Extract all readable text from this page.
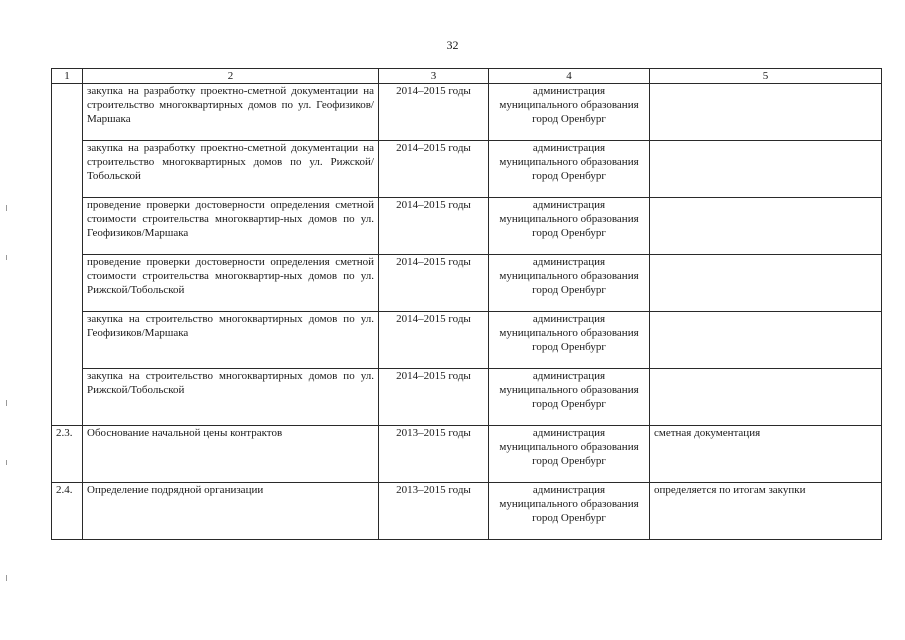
32
1	2	3	4	5
	закупка на разработку проектно-сметной документации на строительство многоквартирных домов по ул. Геофизиков/Маршака	2014–2015 годы	администрация муниципального образования город Оренбург	
	закупка на разработку проектно-сметной документации на строительство многоквартирных домов по ул. Рижской/Тобольской	2014–2015 годы	администрация муниципального образования город Оренбург	
	проведение проверки достоверности определения сметной стоимости строительства многоквартир-ных домов по ул. Геофизиков/Маршака	2014–2015 годы	администрация муниципального образования город Оренбург	
	проведение проверки достоверности определения сметной стоимости строительства многоквартир-ных домов по ул. Рижской/Тобольской	2014–2015 годы	администрация муниципального образования город Оренбург	
	закупка на строительство многоквартирных домов по ул. Геофизиков/Маршака	2014–2015 годы	администрация муниципального образования город Оренбург	
	закупка на строительство многоквартирных домов по ул. Рижской/Тобольской	2014–2015 годы	администрация муниципального образования город Оренбург	
2.3.	Обоснование начальной цены контрактов	2013–2015 годы	администрация муниципального образования город Оренбург	сметная документация
2.4.	Определение подрядной организации	2013–2015 годы	администрация муниципального образования город Оренбург	определяется по итогам закупки
